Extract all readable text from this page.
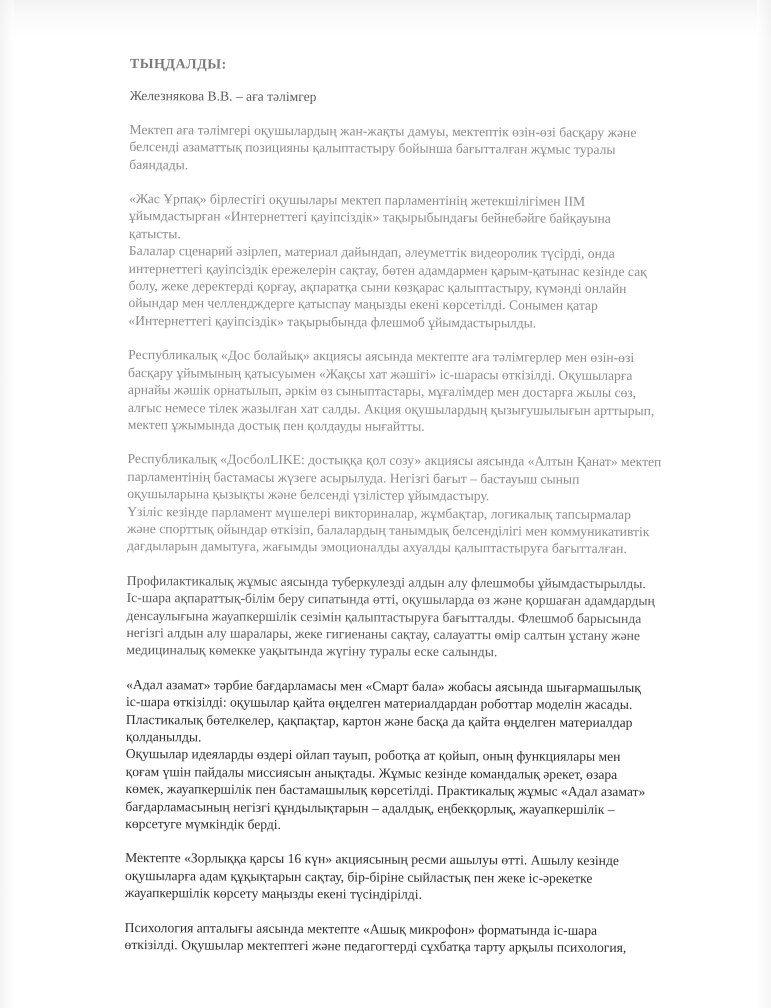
ТЫҢДАЛДЫ:
Железнякова В.В. – аға тәлімгер
Мектеп аға тәлімгері оқушылардың жан-жақты дамуы, мектептік өзін-өзі басқару және
белсенді азаматтық позицияны қалыптастыру бойынша бағытталған жұмыс туралы
баяндады.
«Жас Ұрпақ» бірлестігі оқушылары мектеп парламентінің жетекшілігімен ІІМ
ұйымдастырған «Интернеттегі қауіпсіздік» тақырыбындағы бейнебәйге байқауына
қатысты.
Балалар сценарий әзірлеп, материал дайындап, әлеуметтік видеоролик түсірді, онда
интернеттегі қауіпсіздік ережелерін сақтау, бөтен адамдармен қарым-қатынас кезінде сақ
болу, жеке деректерді қорғау, ақпаратқа сыни көзқарас қалыптастыру, күмәнді онлайн
ойындар мен челлендждерге қатыспау маңызды екені көрсетілді. Сонымен қатар
«Интернеттегі қауіпсіздік» тақырыбында флешмоб ұйымдастырылды.
Республикалық «Дос болайық» акциясы аясында мектепте аға тәлімгерлер мен өзін-өзі
басқару ұйымының қатысуымен «Жақсы хат жәшігі» іс-шарасы өткізілді. Оқушыларға
арнайы жәшік орнатылып, әркім өз сыныптастары, мұғалімдер мен достарға жылы сөз,
алғыс немесе тілек жазылған хат салды. Акция оқушылардың қызығушылығын арттырып,
мектеп ұжымында достық пен қолдауды нығайтты.
Республикалық «ДосболLIKE: достыққа қол созу» акциясы аясында «Алтын Қанат» мектеп
парламентінің бастамасы жүзеге асырылуда. Негізгі бағыт – бастауыш сынып
оқушыларына қызықты және белсенді үзілістер ұйымдастыру.
Үзіліс кезінде парламент мүшелері викториналар, жұмбақтар, логикалық тапсырмалар
және спорттық ойындар өткізіп, балалардың танымдық белсенділігі мен коммуникативтік
дағдыларын дамытуға, жағымды эмоционалды ахуалды қалыптастыруға бағытталған.
Профилактикалық жұмыс аясында туберкулезді алдын алу флешмобы ұйымдастырылды.
Іс-шара ақпараттық-білім беру сипатында өтті, оқушыларда өз және қоршаған адамдардың
денсаулығына жауапкершілік сезімін қалыптастыруға бағытталды. Флешмоб барысында
негізгі алдын алу шаралары, жеке гигиенаны сақтау, салауатты өмір салтын ұстану және
медициналық көмекке уақытында жүгіну туралы еске салынды.
«Адал азамат» тәрбие бағдарламасы мен «Смарт бала» жобасы аясында шығармашылық
іс-шара өткізілді: оқушылар қайта өңделген материалдардан роботтар моделін жасады.
Пластикалық бөтелкелер, қақпақтар, картон және басқа да қайта өңделген материалдар
қолданылды.
Оқушылар идеяларды өздері ойлап тауып, роботқа ат қойып, оның функциялары мен
қоғам үшін пайдалы миссиясын анықтады. Жұмыс кезінде командалық әрекет, өзара
көмек, жауапкершілік пен бастамашылық көрсетілді. Практикалық жұмыс «Адал азамат»
бағдарламасының негізгі құндылықтарын – адалдық, еңбекқорлық, жауапкершілік –
көрсетуге мүмкіндік берді.
Мектепте «Зорлыққа қарсы 16 күн» акциясының ресми ашылуы өтті. Ашылу кезінде
оқушыларға адам құқықтарын сақтау, бір-біріне сыйластық пен жеке іс-әрекетке
жауапкершілік көрсету маңызды екені түсіндірілді.
Психология апталығы аясында мектепте «Ашық микрофон» форматында іс-шара
өткізілді. Оқушылар мектептегі және педагогтерді сұхбатқа тарту арқылы психология,
